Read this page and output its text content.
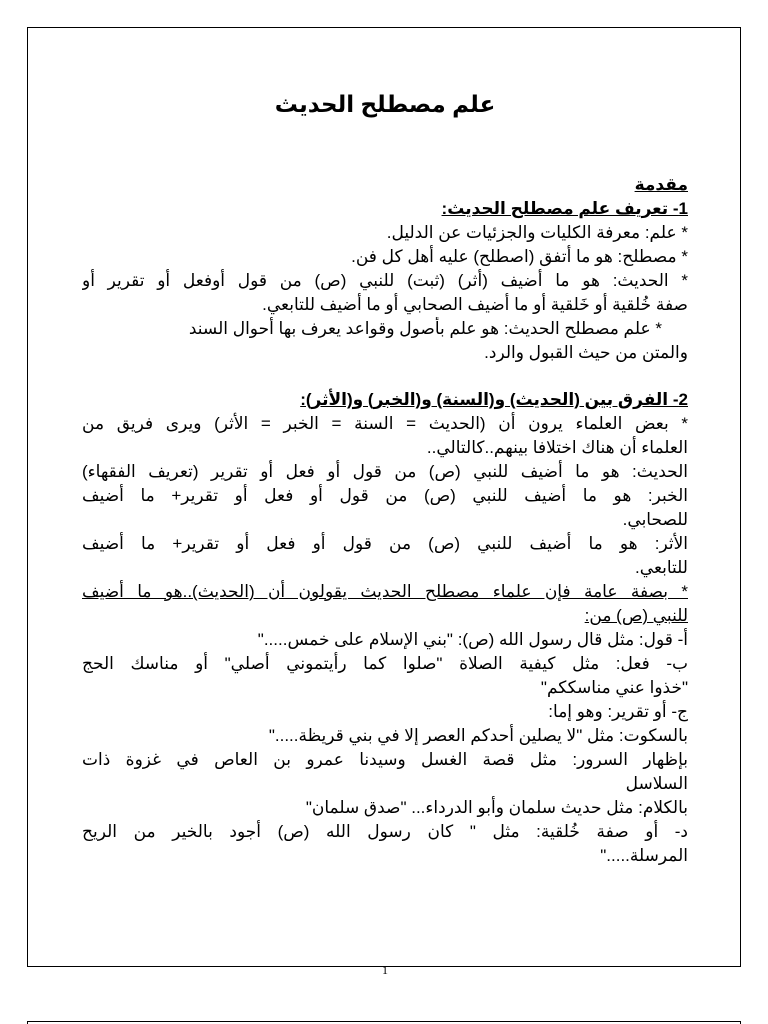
علم مصطلح الحديث
مقدمة
1- تعريف علم مصطلح الحديث:
* علم: معرفة الكليات والجزئيات عن الدليل.
* مصطلح: هو ما أتفق (اصطلح) عليه أهل كل فن.
* الحديث: هو ما أضيف (أثر) (ثبت) للنبي (ص) من قول أوفعل أو تقرير أو
صفة خُلقية أو خَلقية أو ما أضيف الصحابي أو ما أضيف للتابعي.
* علم مصطلح الحديث: هو علم بأصول وقواعد يعرف بها أحوال السند
والمتن من حيث القبول والرد.
2- الفرق بين (الحديث) و(السنة) و(الخبر) و(الأثر):
* بعض العلماء يرون أن (الحديث = السنة = الخبر = الأثر) ويرى فريق من
العلماء أن هناك اختلافا بينهم..كالتالي..
الحديث: هو ما أضيف للنبي (ص) من قول أو فعل أو تقرير (تعريف الفقهاء)
الخبر: هو ما أضيف للنبي (ص) من قول أو فعل أو تقرير+ ما أضيف
للصحابي.
الأثر: هو ما أضيف للنبي (ص) من قول أو فعل أو تقرير+ ما أضيف
للتابعي.
* بصفة عامة فإن علماء مصطلح الحديث يقولون أن (الحديث)..هو ما أضيف
للنبي (ص) من:
أ- قول: مثل قال رسول الله (ص): "بني الإسلام على خمس....."
ب- فعل: مثل كيفية الصلاة "صلوا كما رأيتموني أصلي" أو مناسك الحج
"خذوا عني مناسككم"
ج- أو تقرير: وهو إما:
بالسكوت: مثل "لا يصلين أحدكم العصر إلا في بني قريظة....."
بإظهار السرور: مثل قصة الغسل وسيدنا عمرو بن العاص في غزوة ذات
السلاسل
بالكلام: مثل حديث سلمان وأبو الدرداء... "صدق سلمان"
د- أو صفة خُلقية: مثل " كان رسول الله (ص) أجود بالخير من الريح
المرسلة....."
1
